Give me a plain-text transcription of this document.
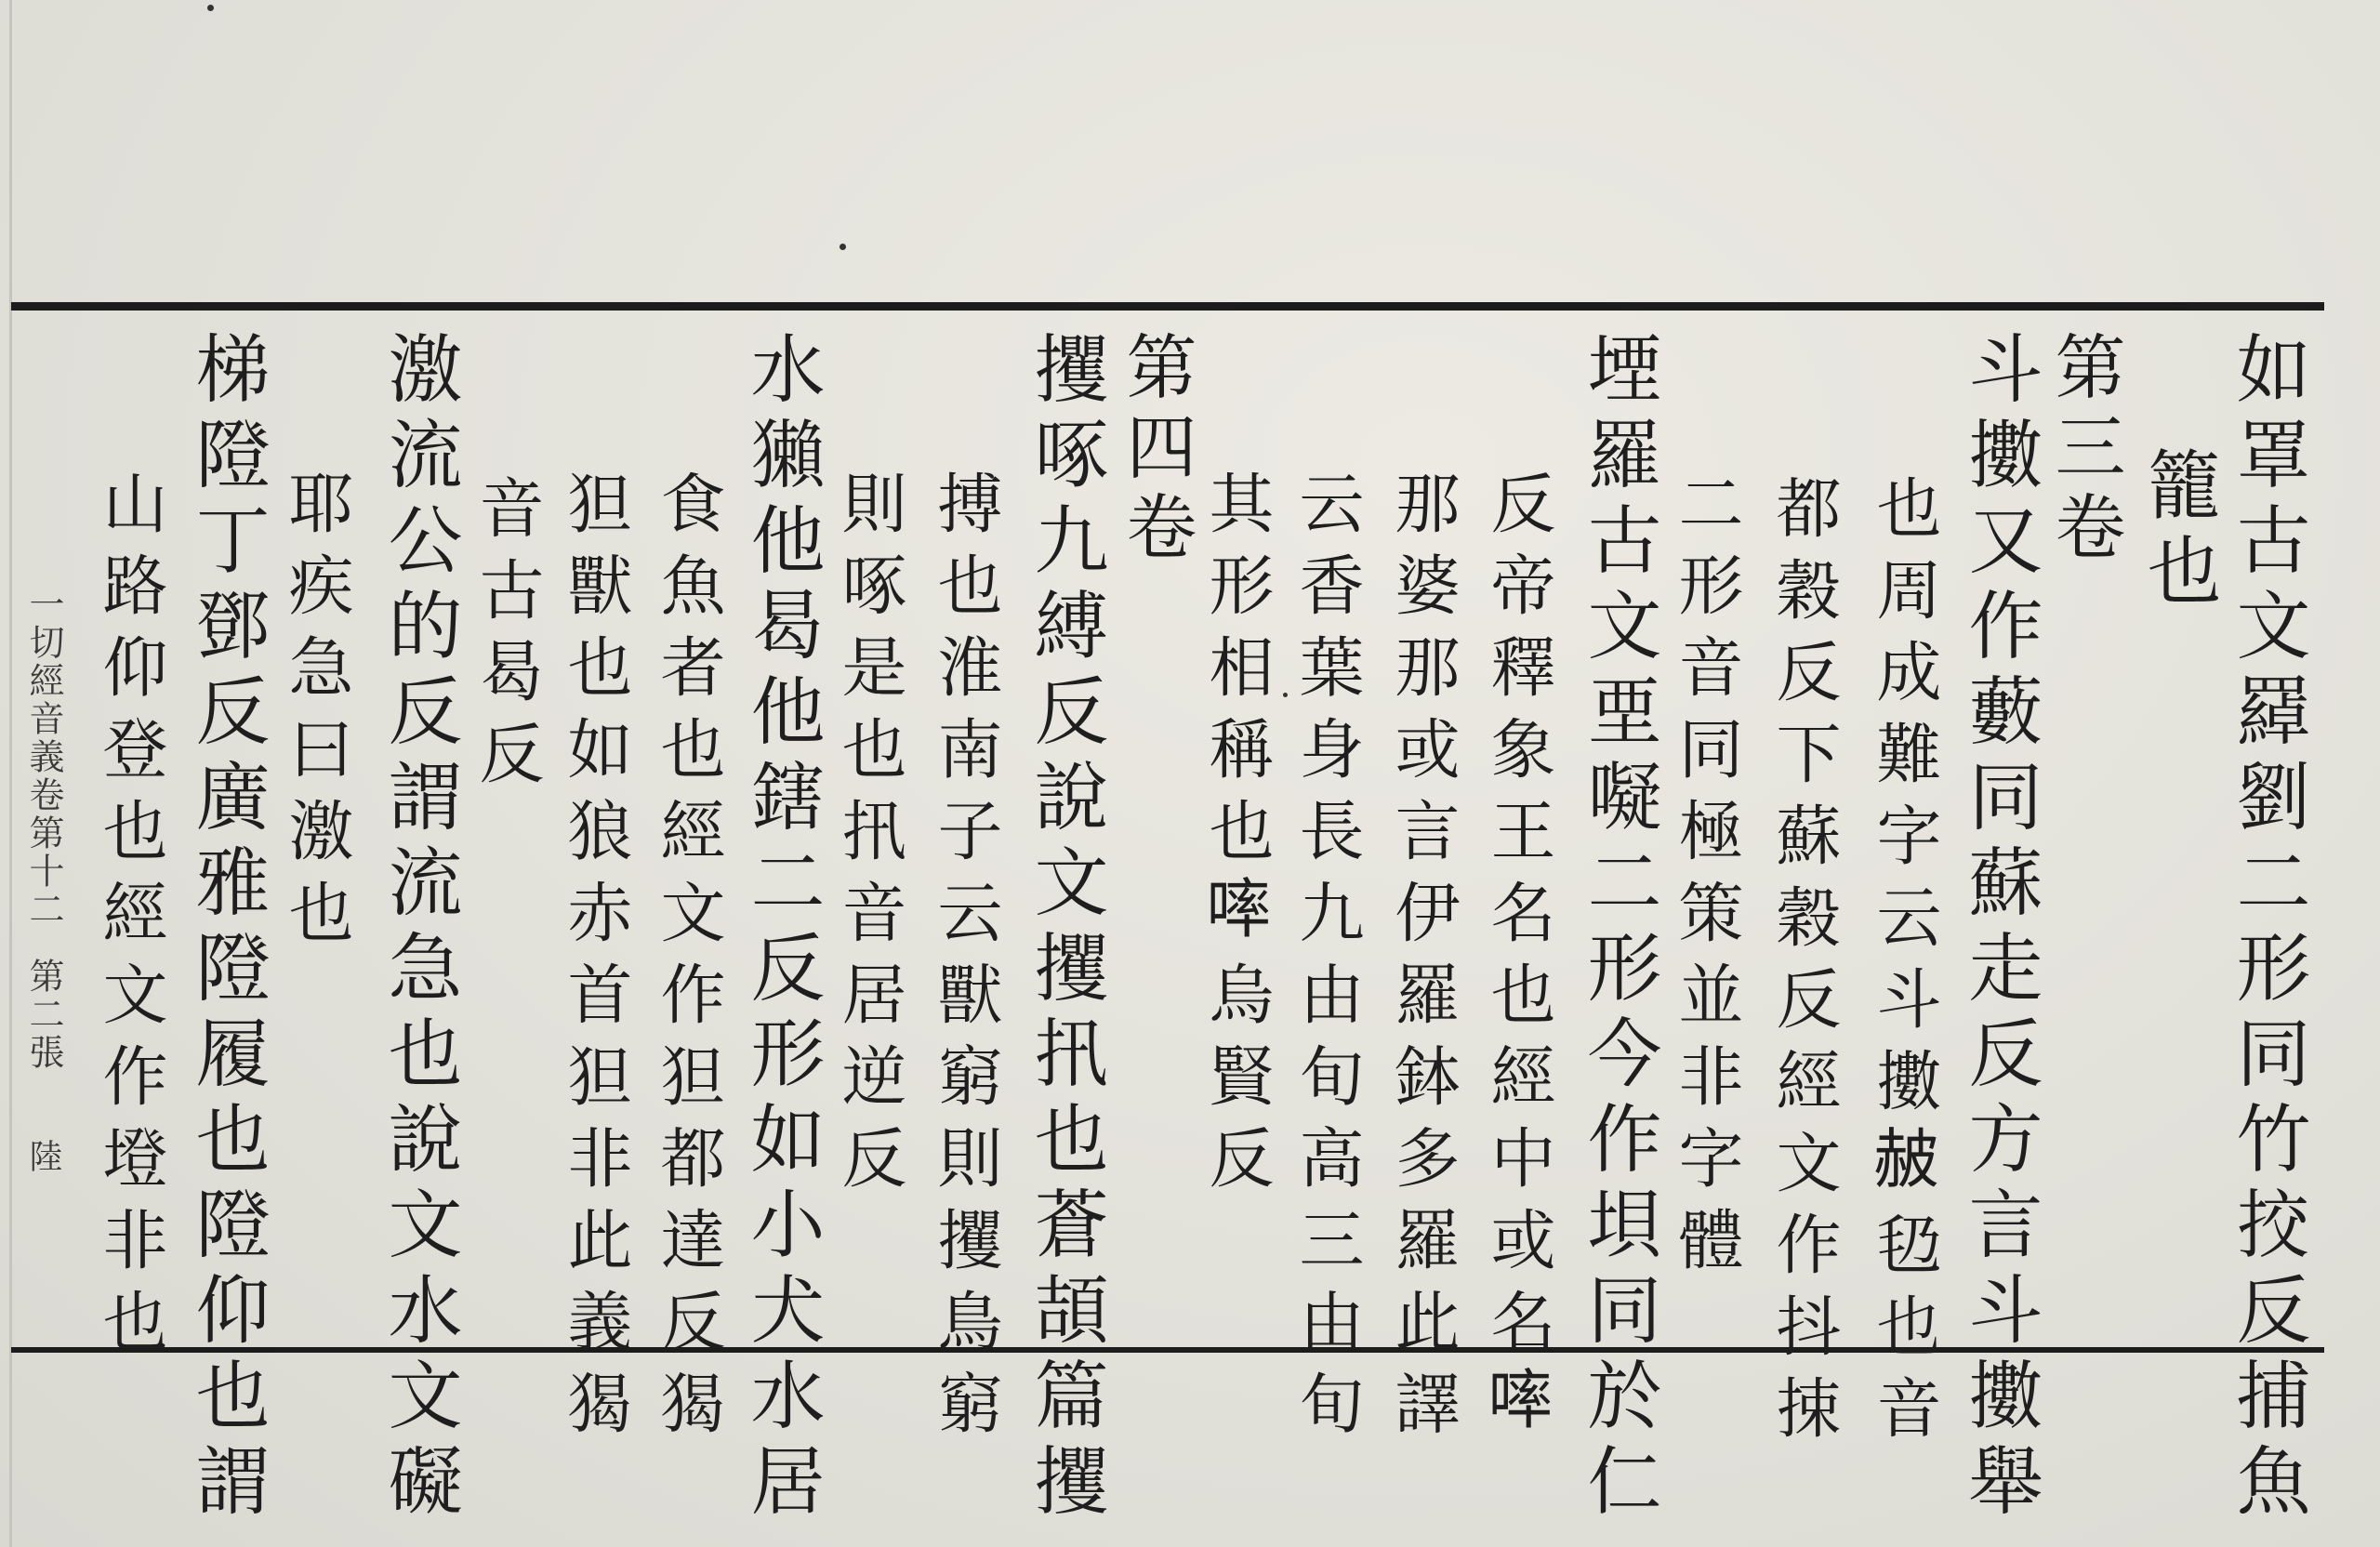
如罩古文羄劉二形同竹挍反捕魚
籠也
第三卷
斗擻又作藪同蘇走反方言斗擻舉
也周成難字云斗擻𧹞㲌也音
都穀反下蘇穀反經文作抖捒
二形音同極策並非字體
堙羅古文垔㘈二形今作垻同於仁
反帝釋象王名也經中或名𠻜
那婆那或言伊羅鉢多羅此譯
云香葉身長九由旬高三由旬
其形相稱也𠻜烏賢反
第四卷
攫啄九縛反說文攫扟也蒼頡篇攫
搏也淮南子云獸窮則攫鳥窮
則啄是也扟音居逆反
水獺他曷他鎋二反形如小犬水居
食魚者也經文作狚都達反猲
狚獸也如狼赤首狚非此義猲
音古曷反
激流公的反謂流急也說文水文礙
耶疾急曰激也
梯隥丁鄧反廣雅隥履也隥仰也謂
山路仰登也經文作墱非也
一切經音義卷第十二
第二張
陸
